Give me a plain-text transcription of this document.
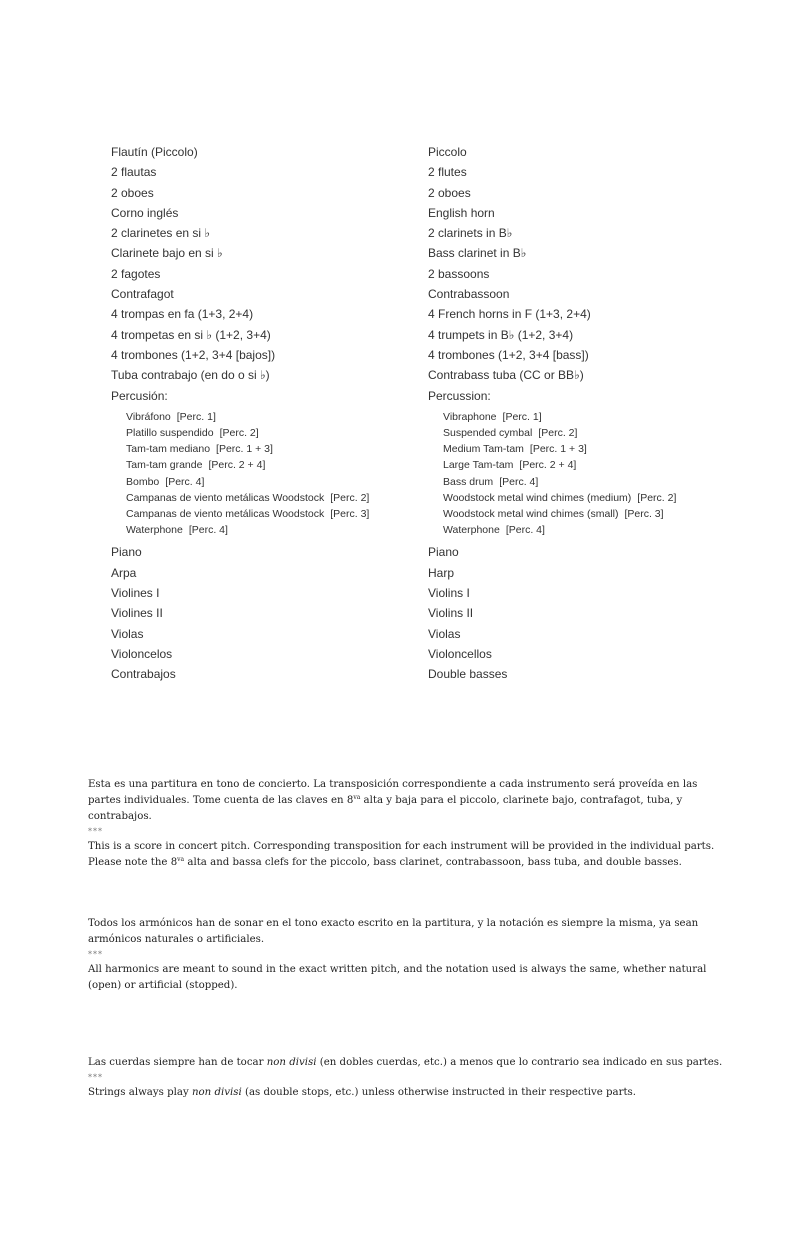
Flautín (Piccolo)
2 flautas
2 oboes
Corno inglés
2 clarinetes en si ♭
Clarinete bajo en si ♭
2 fagotes
Contrafagot
4 trompas en fa (1+3, 2+4)
4 trompetas en si ♭ (1+2, 3+4)
4 trombones (1+2, 3+4 [bajos])
Tuba contrabajo (en do o si ♭)
Percusión:
Vibráfono [Perc. 1]
Platillo suspendido [Perc. 2]
Tam-tam mediano [Perc. 1 + 3]
Tam-tam grande [Perc. 2 + 4]
Bombo [Perc. 4]
Campanas de viento metálicas Woodstock [Perc. 2]
Campanas de viento metálicas Woodstock [Perc. 3]
Waterphone [Perc. 4]
Piano
Arpa
Violines I
Violines II
Violas
Violoncelos
Contrabajos
Piccolo
2 flutes
2 oboes
English horn
2 clarinets in B♭
Bass clarinet in B♭
2 bassoons
Contrabassoon
4 French horns in F (1+3, 2+4)
4 trumpets in B♭ (1+2, 3+4)
4 trombones (1+2, 3+4 [bass])
Contrabass tuba (CC or BB♭)
Percussion:
Vibraphone [Perc. 1]
Suspended cymbal [Perc. 2]
Medium Tam-tam [Perc. 1 + 3]
Large Tam-tam [Perc. 2 + 4]
Bass drum [Perc. 4]
Woodstock metal wind chimes (medium) [Perc. 2]
Woodstock metal wind chimes (small) [Perc. 3]
Waterphone [Perc. 4]
Piano
Harp
Violins I
Violins II
Violas
Violoncellos
Double basses

Esta es una partitura en tono de concierto. La transposición correspondiente a cada instrumento será proveída en las partes individuales. Tome cuenta de las claves en $8^{va}$ alta y baja para el piccolo, clarinete bajo, contrafagot, tuba, y contrabajos.

***

This is a score in concert pitch. Corresponding transposition for each instrument will be provided in the individual parts. Please note the $8^{va}$ alta and bassa clefs for the piccolo, bass clarinet, contrabassoon, bass tuba, and double basses.

Todos los armónicos han de sonar en el tono exacto escrito en la partitura, y la notación es siempre la misma, ya sean armónicos naturales o artificiales.

***

All harmonics are meant to sound in the exact written pitch, and the notation used is always the same, whether natural (open) or artificial (stopped).

Las cuerdas siempre han de tocar non divisi (en dobles cuerdas, etc.) a menos que lo contrario sea indicado en sus partes.

***

Strings always play non divisi (as double stops, etc.) unless otherwise instructed in their respective parts.
